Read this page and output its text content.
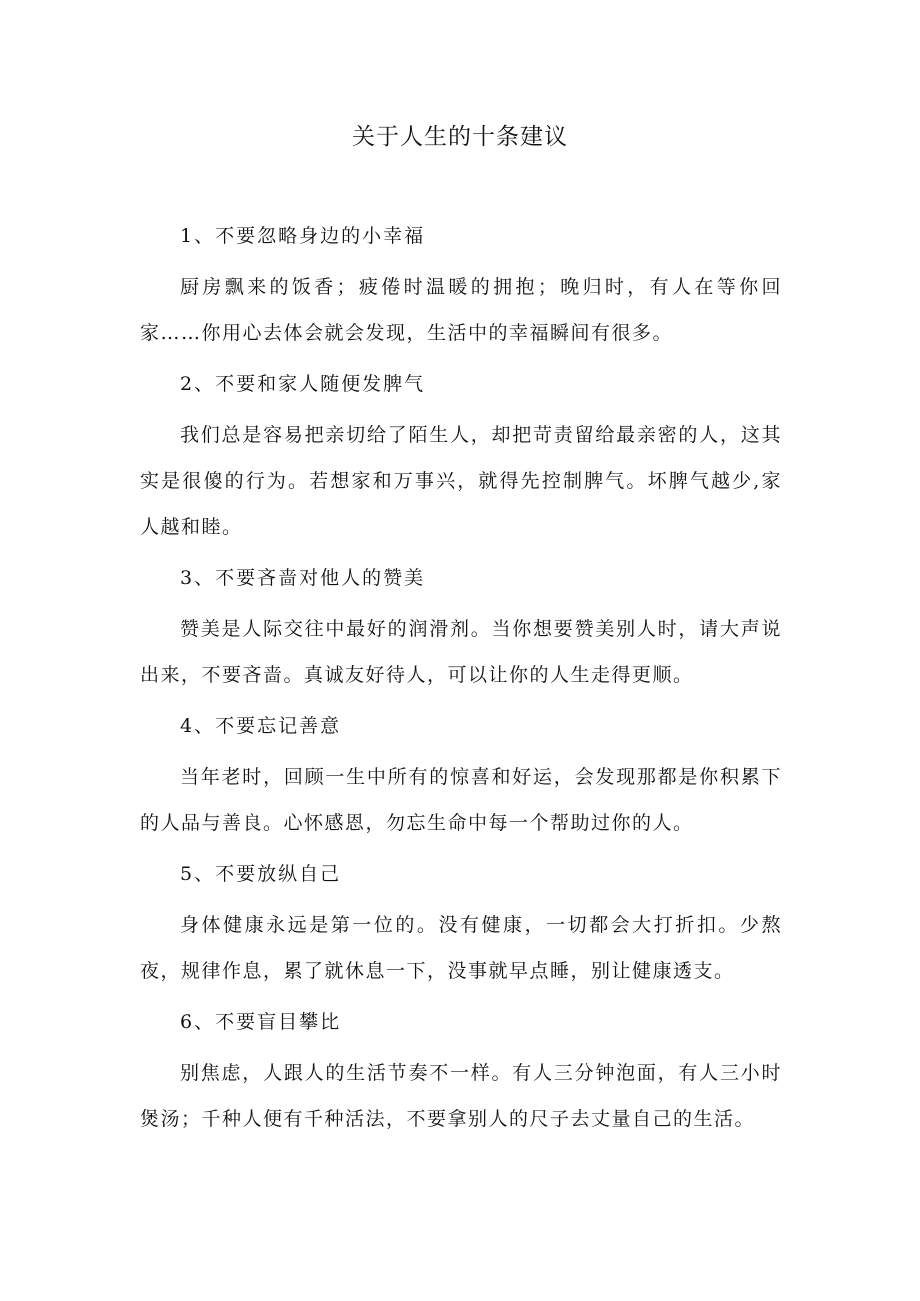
关于人生的十条建议

1、不要忽略身边的小幸福

厨房飘来的饭香；疲倦时温暖的拥抱；晚归时，有人在等你回家……你用心去体会就会发现，生活中的幸福瞬间有很多。

2、不要和家人随便发脾气

我们总是容易把亲切给了陌生人，却把苛责留给最亲密的人，这其实是很傻的行为。若想家和万事兴，就得先控制脾气。坏脾气越少,家人越和睦。

3、不要吝啬对他人的赞美

赞美是人际交往中最好的润滑剂。当你想要赞美别人时，请大声说出来，不要吝啬。真诚友好待人，可以让你的人生走得更顺。

4、不要忘记善意

当年老时，回顾一生中所有的惊喜和好运，会发现那都是你积累下的人品与善良。心怀感恩，勿忘生命中每一个帮助过你的人。

5、不要放纵自己

身体健康永远是第一位的。没有健康，一切都会大打折扣。少熬夜，规律作息，累了就休息一下，没事就早点睡，别让健康透支。

6、不要盲目攀比

别焦虑，人跟人的生活节奏不一样。有人三分钟泡面，有人三小时煲汤；千种人便有千种活法，不要拿别人的尺子去丈量自己的生活。
